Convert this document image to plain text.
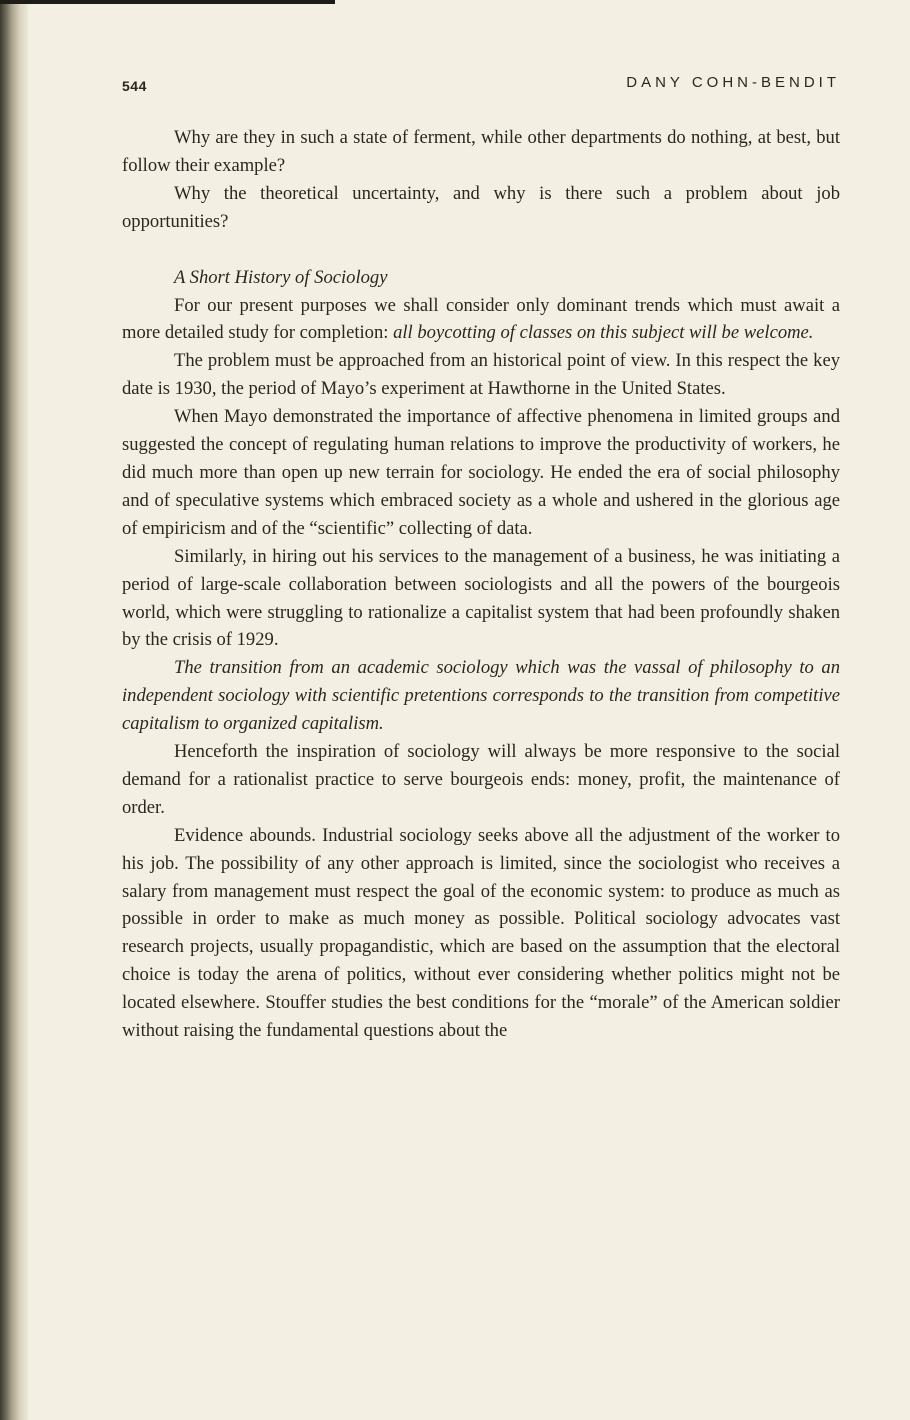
544	DANY COHN-BENDIT

Why are they in such a state of ferment, while other departments do nothing, at best, but follow their example?

Why the theoretical uncertainty, and why is there such a problem about job opportunities?

A Short History of Sociology

For our present purposes we shall consider only dominant trends which must await a more detailed study for completion: all boycotting of classes on this subject will be welcome.

The problem must be approached from an historical point of view. In this respect the key date is 1930, the period of Mayo’s experiment at Hawthorne in the United States.

When Mayo demonstrated the importance of affective phenomena in limited groups and suggested the concept of regulating human relations to improve the productivity of workers, he did much more than open up new terrain for sociology. He ended the era of social philosophy and of speculative systems which embraced society as a whole and ushered in the glorious age of empiricism and of the “scientific” collecting of data.

Similarly, in hiring out his services to the management of a business, he was initiating a period of large-scale collaboration between sociologists and all the powers of the bourgeois world, which were struggling to rationalize a capitalist system that had been profoundly shaken by the crisis of 1929.

The transition from an academic sociology which was the vassal of philosophy to an independent sociology with scientific pretentions corresponds to the transition from competitive capitalism to organized capitalism.

Henceforth the inspiration of sociology will always be more responsive to the social demand for a rationalist practice to serve bourgeois ends: money, profit, the maintenance of order.

Evidence abounds. Industrial sociology seeks above all the adjustment of the worker to his job. The possibility of any other approach is limited, since the sociologist who receives a salary from management must respect the goal of the economic system: to produce as much as possible in order to make as much money as possible. Political sociology advocates vast research projects, usually propagandistic, which are based on the assumption that the electoral choice is today the arena of politics, without ever considering whether politics might not be located elsewhere. Stouffer studies the best conditions for the “morale” of the American soldier without raising the fundamental questions about the
